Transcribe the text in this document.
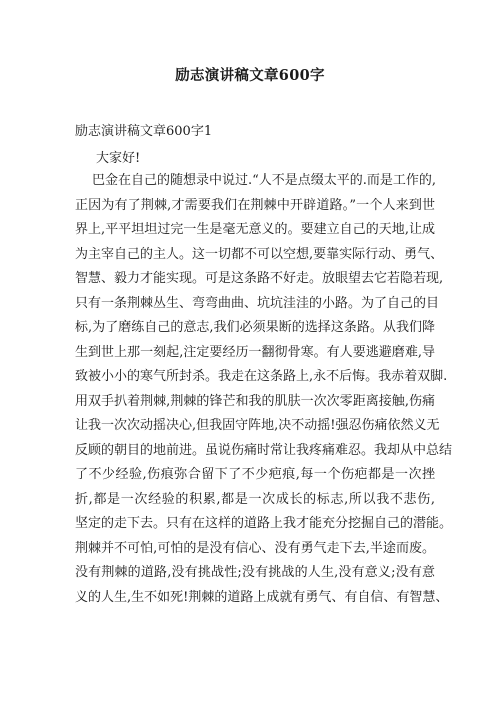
励志演讲稿文章600字
励志演讲稿文章600字1
大家好!
巴金在自己的随想录中说过.“人不是点缀太平的.而是工作的,
正因为有了荆棘,才需要我们在荆棘中开辟道路。”一个人来到世
界上,平平坦坦过完一生是毫无意义的。要建立自己的天地,让成
为主宰自己的主人。这一切都不可以空想,要靠实际行动、勇气、
智慧、毅力才能实现。可是这条路不好走。放眼望去它若隐若现,
只有一条荆棘丛生、弯弯曲曲、坑坑洼洼的小路。为了自己的目
标,为了磨练自己的意志,我们必须果断的选择这条路。从我们降
生到世上那一刻起,注定要经历一翻彻骨寒。有人要逃避磨难,导
致被小小的寒气所封杀。我走在这条路上,永不后悔。我赤着双脚.
用双手扒着荆棘,荆棘的锋芒和我的肌肤一次次零距离接触,伤痛
让我一次次动摇决心,但我固守阵地,决不动摇!强忍伤痛依然义无
反顾的朝目的地前进。虽说伤痛时常让我疼痛难忍。我却从中总结
了不少经验,伤痕弥合留下了不少疤痕,每一个伤疤都是一次挫
折,都是一次经验的积累,都是一次成长的标志,所以我不悲伤,
坚定的走下去。只有在这样的道路上我才能充分挖掘自己的潜能。
荆棘并不可怕,可怕的是没有信心、没有勇气走下去,半途而废。
没有荆棘的道路,没有挑战性;没有挑战的人生,没有意义;没有意
义的人生,生不如死!荆棘的道路上成就有勇气、有自信、有智慧、
